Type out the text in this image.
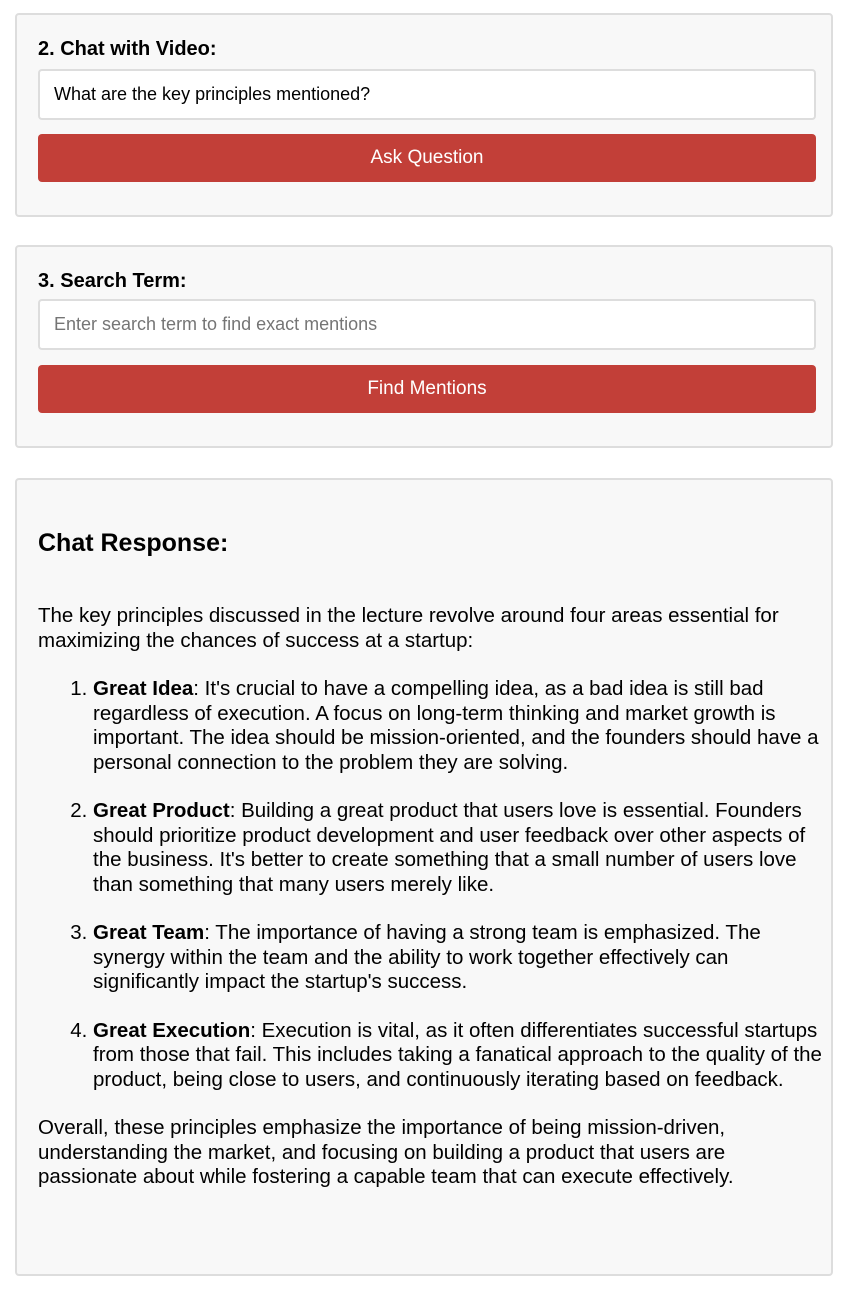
2. Chat with Video:
What are the key principles mentioned?
Ask Question
3. Search Term:
Enter search term to find exact mentions
Find Mentions
Chat Response:

The key principles discussed in the lecture revolve around four areas essential for maximizing the chances of success at a startup:

1. Great Idea: It's crucial to have a compelling idea, as a bad idea is still bad regardless of execution. A focus on long-term thinking and market growth is important. The idea should be mission-oriented, and the founders should have a personal connection to the problem they are solving.
2. Great Product: Building a great product that users love is essential. Founders should prioritize product development and user feedback over other aspects of the business. It's better to create something that a small number of users love than something that many users merely like.
3. Great Team: The importance of having a strong team is emphasized. The synergy within the team and the ability to work together effectively can significantly impact the startup's success.
4. Great Execution: Execution is vital, as it often differentiates successful startups from those that fail. This includes taking a fanatical approach to the quality of the product, being close to users, and continuously iterating based on feedback.

Overall, these principles emphasize the importance of being mission-driven, understanding the market, and focusing on building a product that users are passionate about while fostering a capable team that can execute effectively.
